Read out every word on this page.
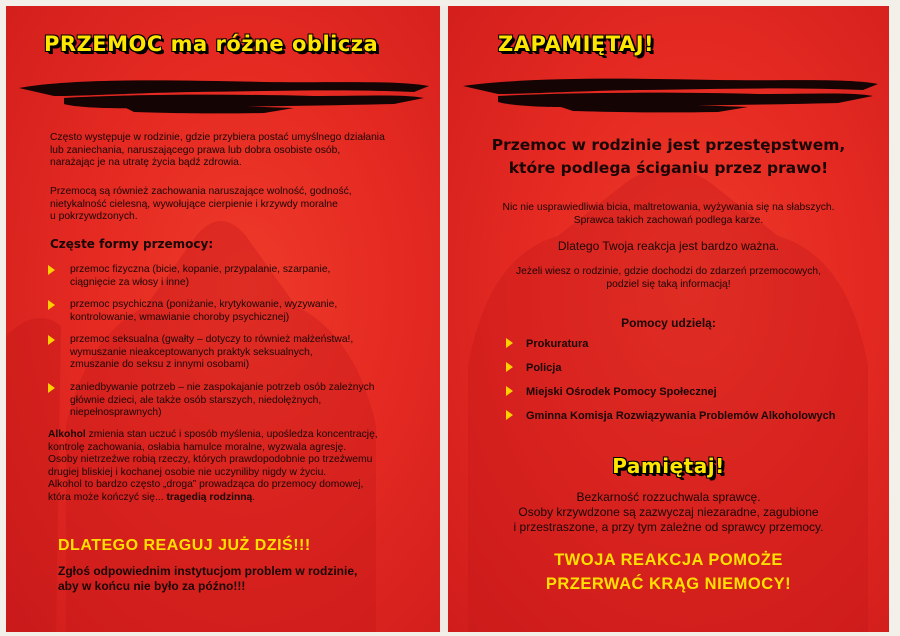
PRZEMOC ma różne oblicza
Często występuje w rodzinie, gdzie przybiera postać umyślnego działania
lub zaniechania, naruszającego prawa lub dobra osobiste osób,
narażając je na utratę życia bądź zdrowia.
Przemocą są również zachowania naruszające wolność, godność,
nietykalność cielesną, wywołujące cierpienie i krzywdy moralne
u pokrzywdzonych.
Częste formy przemocy:
przemoc fizyczna (bicie, kopanie, przypalanie, szarpanie,
ciągnięcie za włosy i inne)
przemoc psychiczna (poniżanie, krytykowanie, wyzywanie,
kontrolowanie, wmawianie choroby psychicznej)
przemoc seksualna (gwałty – dotyczy to również małżeństwa!,
wymuszanie nieakceptowanych praktyk seksualnych,
zmuszanie do seksu z innymi osobami)
zaniedbywanie potrzeb – nie zaspokajanie potrzeb osób zależnych
głównie dzieci, ale także osób starszych, niedołężnych,
niepełnosprawnych)
Alkohol zmienia stan uczuć i sposób myślenia, upośledza koncentrację,
kontrolę zachowania, osłabia hamulce moralne, wyzwala agresję.
Osoby nietrzeźwe robią rzeczy, których prawdopodobnie po trzeźwemu
drugiej bliskiej i kochanej osobie nie uczyniliby nigdy w życiu.
Alkohol to bardzo często „droga” prowadząca do przemocy domowej,
która może kończyć się... tragedią rodzinną.
DLATEGO REAGUJ JUŻ DZIŚ!!!
Zgłoś odpowiednim instytucjom problem w rodzinie,
aby w końcu nie było za późno!!!
ZAPAMIĘTAJ!
Przemoc w rodzinie jest przestępstwem,
które podlega ściganiu przez prawo!
Nic nie usprawiedliwia bicia, maltretowania, wyżywania się na słabszych.
Sprawca takich zachowań podlega karze.
Dlatego Twoja reakcja jest bardzo ważna.
Jeżeli wiesz o rodzinie, gdzie dochodzi do zdarzeń przemocowych,
podziel się taką informacją!
Pomocy udzielą:
Prokuratura
Policja
Miejski Ośrodek Pomocy Społecznej
Gminna Komisja Rozwiązywania Problemów Alkoholowych
Pamiętaj!
Bezkarność rozzuchwala sprawcę.
Osoby krzywdzone są zazwyczaj niezaradne, zagubione
i przestraszone, a przy tym zależne od sprawcy przemocy.
TWOJA REAKCJA POMOŻE
PRZERWAĆ KRĄG NIEMOCY!
